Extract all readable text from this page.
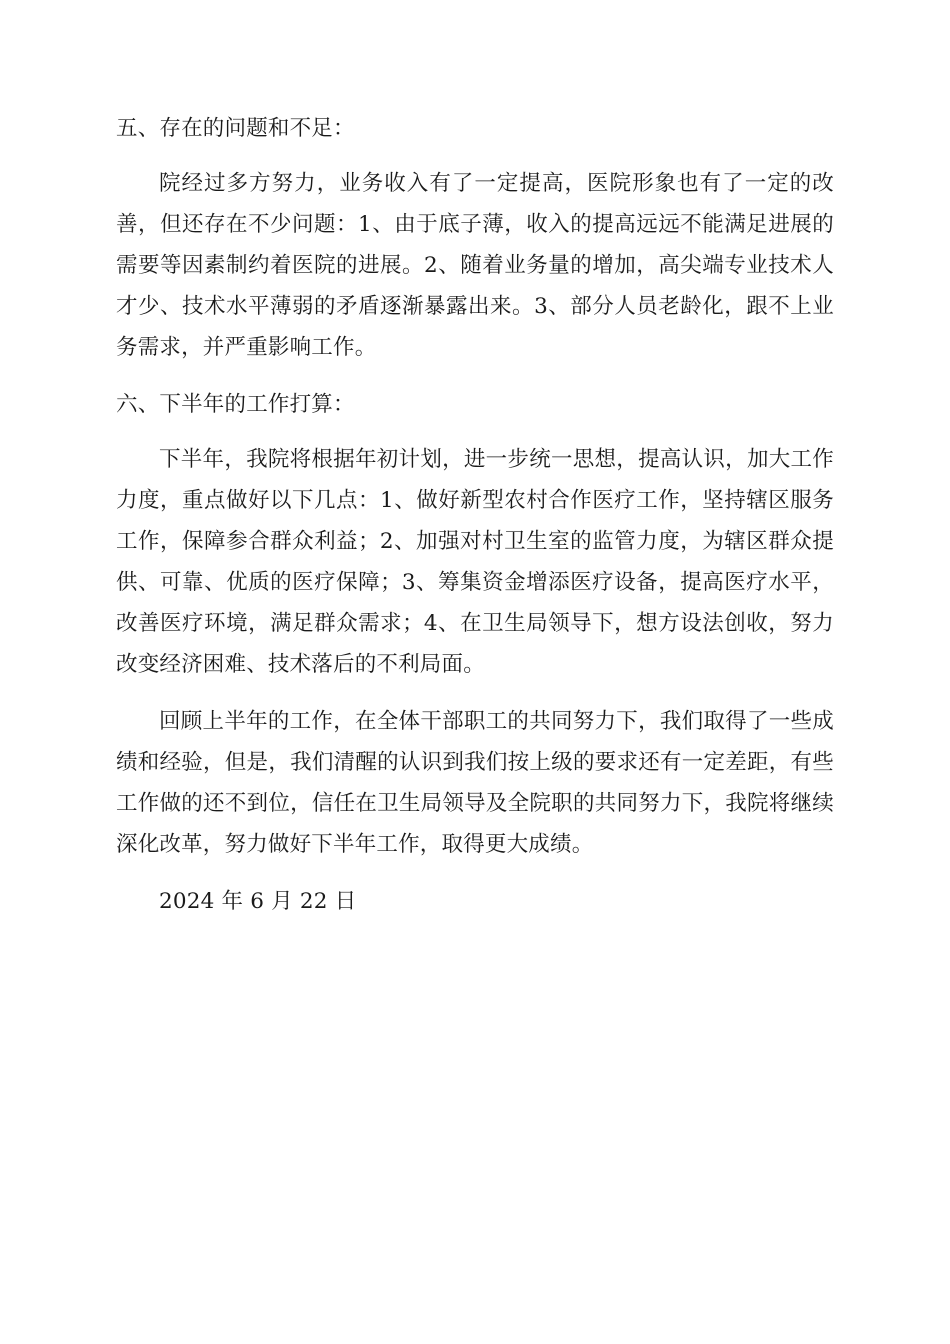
五、存在的问题和不足：

院经过多方努力，业务收入有了一定提高，医院形象也有了一定的改善，但还存在不少问题：1、由于底子薄，收入的提高远远不能满足进展的需要等因素制约着医院的进展。2、随着业务量的增加，高尖端专业技术人才少、技术水平薄弱的矛盾逐渐暴露出来。3、部分人员老龄化，跟不上业务需求，并严重影响工作。

六、下半年的工作打算：

下半年，我院将根据年初计划，进一步统一思想，提高认识，加大工作力度，重点做好以下几点：1、做好新型农村合作医疗工作，坚持辖区服务工作，保障参合群众利益；2、加强对村卫生室的监管力度，为辖区群众提供、可靠、优质的医疗保障；3、筹集资金增添医疗设备，提高医疗水平，改善医疗环境，满足群众需求；4、在卫生局领导下，想方设法创收，努力改变经济困难、技术落后的不利局面。

回顾上半年的工作，在全体干部职工的共同努力下，我们取得了一些成绩和经验，但是，我们清醒的认识到我们按上级的要求还有一定差距，有些工作做的还不到位，信任在卫生局领导及全院职的共同努力下，我院将继续深化改革，努力做好下半年工作，取得更大成绩。

2024 年 6 月 22 日
